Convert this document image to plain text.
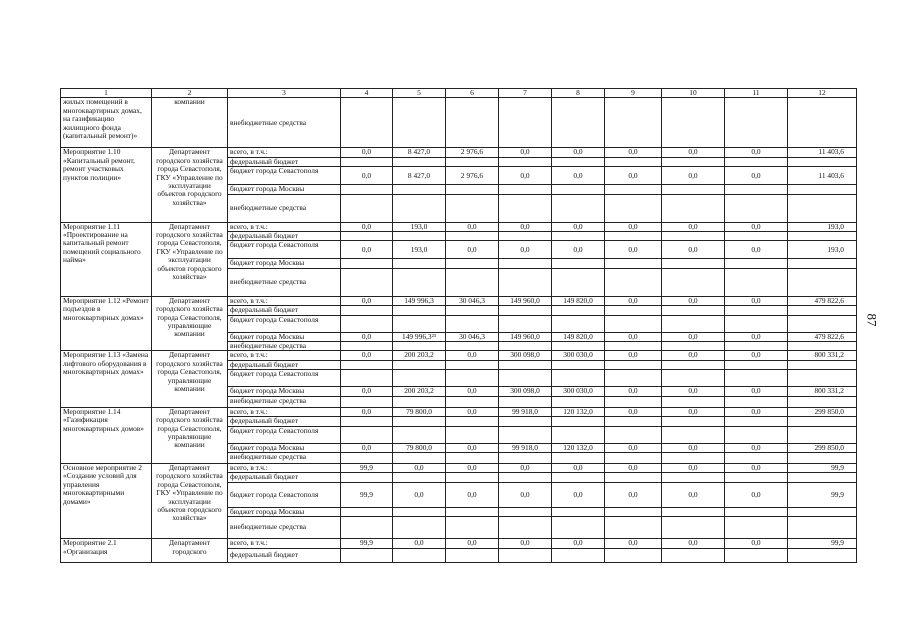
1	2	3	4	5	6	7	8	9	10	11	12
жилых помещений в многоквартирных домах, на газификацию жилищного фонда (капитальный ремонт)»	компании	внебюджетные средства									
Мероприятие 1.10 «Капитальный ремонт, ремонт участковых пунктов полиции»	Департамент городского хозяйства города Севастополя, ГКУ «Управление по эксплуатации объектов городского хозяйства»	всего, в т.ч.:	0,0	8 427,0	2 976,6	0,0	0,0	0,0	0,0	0,0	11 403,6
		федеральный бюджет									
		бюджет города Севастополя	0,0	8 427,0	2 976,6	0,0	0,0	0,0	0,0	0,0	11 403,6
		бюджет города Москвы									
		внебюджетные средства									
Мероприятие 1.11 «Проектирование на капитальный ремонт помещений социального найма»	Департамент городского хозяйства города Севастополя, ГКУ «Управление по эксплуатации объектов городского хозяйства»	всего, в т.ч.:	0,0	193,0	0,0	0,0	0,0	0,0	0,0	0,0	193,0
		федеральный бюджет									
		бюджет города Севастополя	0,0	193,0	0,0	0,0	0,0	0,0	0,0	0,0	193,0
		бюджет города Москвы									
		внебюджетные средства									
Мероприятие 1.12 «Ремонт подъездов в многоквартирных домах»	Департамент городского хозяйства города Севастополя, управляющие компании	всего, в т.ч.:	0,0	149 996,3	30 046,3	149 960,0	149 820,0	0,0	0,0	0,0	479 822,6
		федеральный бюджет									
		бюджет города Севастополя									
		бюджет города Москвы	0,0	149 996,3²³	30 046,3	149 960,0	149 820,0	0,0	0,0	0,0	479 822,6
		внебюджетные средства									
Мероприятие 1.13 «Замена лифтового оборудования в многоквартирных домах»	Департамент городского хозяйства города Севастополя, управляющие компании	всего, в т.ч.:	0,0	200 203,2	0,0	300 098,0	300 030,0	0,0	0,0	0,0	800 331,2
		федеральный бюджет									
		бюджет города Севастополя									
		бюджет города Москвы	0,0	200 203,2	0,0	300 098,0	300 030,0	0,0	0,0	0,0	800 331,2
		внебюджетные средства									
Мероприятие 1.14 «Газификация многоквартирных домов»	Департамент городского хозяйства города Севастополя, управляющие компании	всего, в т.ч.:	0,0	79 800,0	0,0	99 918,0	120 132,0	0,0	0,0	0,0	299 850,0
		федеральный бюджет									
		бюджет города Севастополя									
		бюджет города Москвы	0,0	79 800,0	0,0	99 918,0	120 132,0	0,0	0,0	0,0	299 850,0
		внебюджетные средства									
Основное мероприятие 2 «Создание условий для управления многоквартирными домами»	Департамент городского хозяйства города Севастополя, ГКУ «Управление по эксплуатации объектов городского хозяйства»	всего, в т.ч.:	99,9	0,0	0,0	0,0	0,0	0,0	0,0	0,0	99,9
		федеральный бюджет									
		бюджет города Севастополя	99,9	0,0	0,0	0,0	0,0	0,0	0,0	0,0	99,9
		бюджет города Москвы									
		внебюджетные средства									
Мероприятие 2.1 «Организация	Департамент городского	всего, в т.ч.:	99,9	0,0	0,0	0,0	0,0	0,0	0,0	0,0	99,9
		федеральный бюджет									
87
